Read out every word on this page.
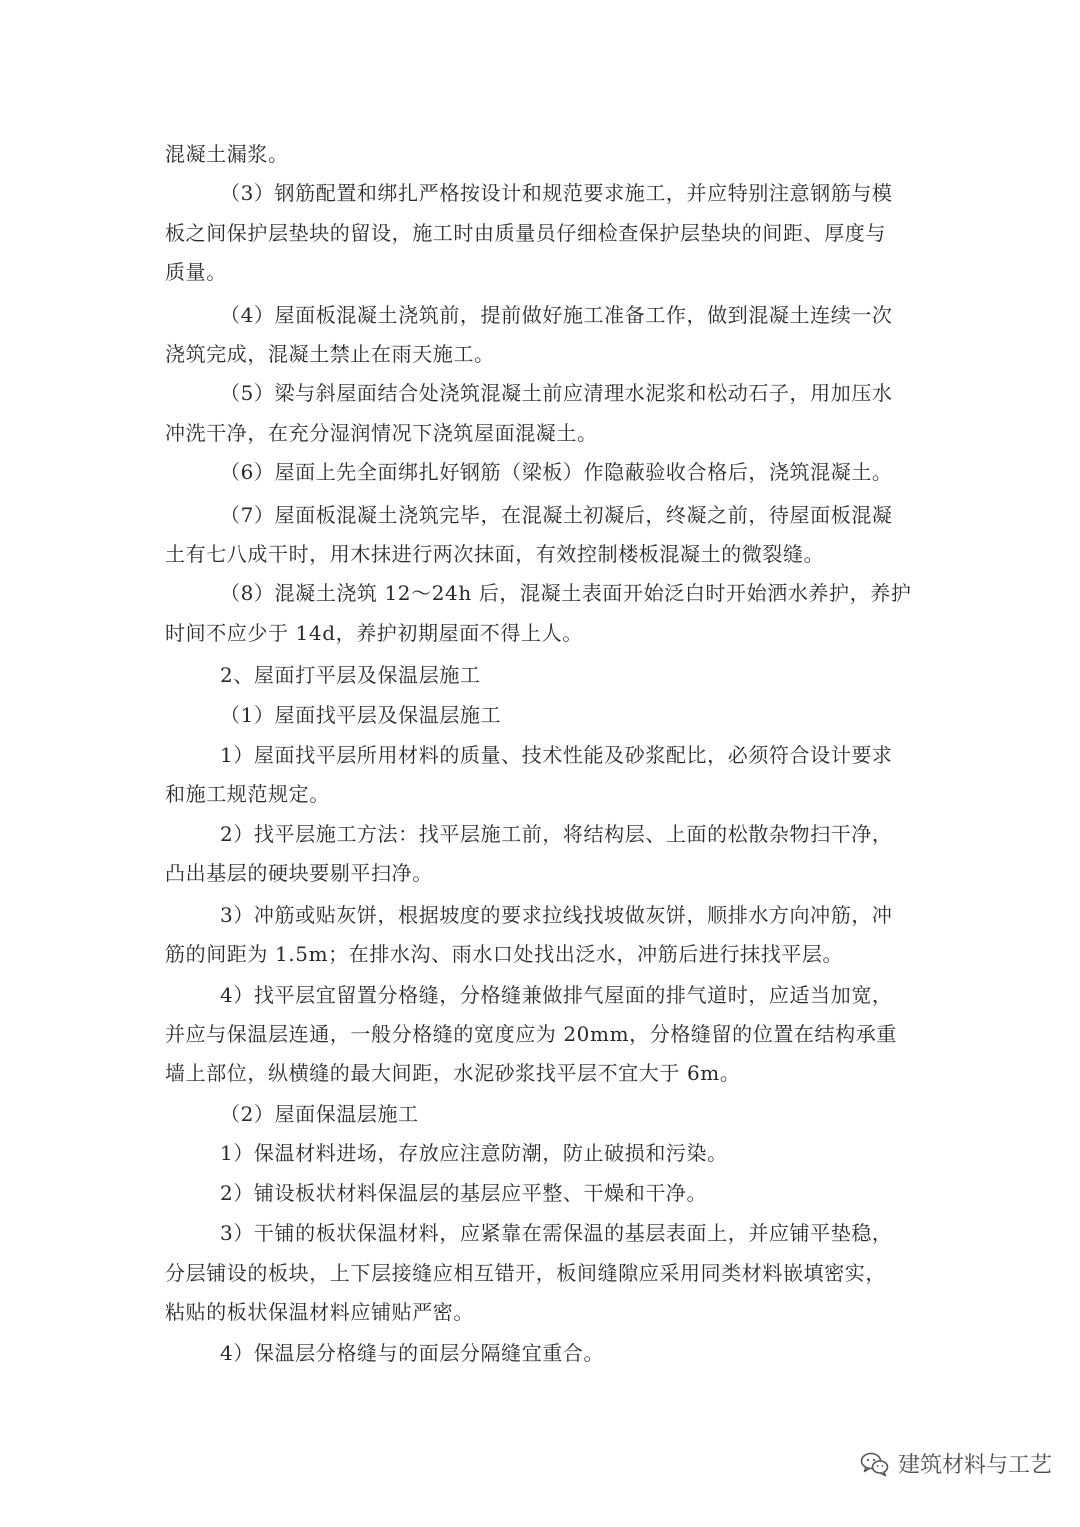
混凝土漏浆。
（3）钢筋配置和绑扎严格按设计和规范要求施工，并应特别注意钢筋与模
板之间保护层垫块的留设，施工时由质量员仔细检查保护层垫块的间距、厚度与
质量。
（4）屋面板混凝土浇筑前，提前做好施工准备工作，做到混凝土连续一次
浇筑完成，混凝土禁止在雨天施工。
（5）梁与斜屋面结合处浇筑混凝土前应清理水泥浆和松动石子，用加压水
冲洗干净，在充分湿润情况下浇筑屋面混凝土。
（6）屋面上先全面绑扎好钢筋（梁板）作隐蔽验收合格后，浇筑混凝土。
（7）屋面板混凝土浇筑完毕，在混凝土初凝后，终凝之前，待屋面板混凝
土有七八成干时，用木抹进行两次抹面，有效控制楼板混凝土的微裂缝。
（8）混凝土浇筑 12～24h 后，混凝土表面开始泛白时开始洒水养护，养护
时间不应少于 14d，养护初期屋面不得上人。
2、屋面打平层及保温层施工
（1）屋面找平层及保温层施工
1）屋面找平层所用材料的质量、技术性能及砂浆配比，必须符合设计要求
和施工规范规定。
2）找平层施工方法：找平层施工前，将结构层、上面的松散杂物扫干净，
凸出基层的硬块要剔平扫净。
3）冲筋或贴灰饼，根据坡度的要求拉线找坡做灰饼，顺排水方向冲筋，冲
筋的间距为 1.5m；在排水沟、雨水口处找出泛水，冲筋后进行抹找平层。
4）找平层宜留置分格缝，分格缝兼做排气屋面的排气道时，应适当加宽，
并应与保温层连通，一般分格缝的宽度应为 20mm，分格缝留的位置在结构承重
墙上部位，纵横缝的最大间距，水泥砂浆找平层不宜大于 6m。
（2）屋面保温层施工
1）保温材料进场，存放应注意防潮，防止破损和污染。
2）铺设板状材料保温层的基层应平整、干燥和干净。
3）干铺的板状保温材料，应紧靠在需保温的基层表面上，并应铺平垫稳，
分层铺设的板块，上下层接缝应相互错开，板间缝隙应采用同类材料嵌填密实，
粘贴的板状保温材料应铺贴严密。
4）保温层分格缝与的面层分隔缝宜重合。
建筑材料与工艺
